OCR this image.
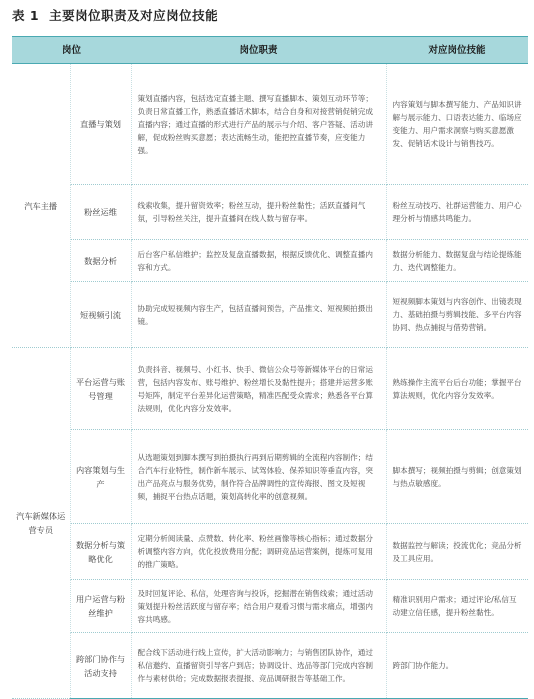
表 1 主要岗位职责及对应岗位技能
岗位		岗位职责	对应岗位技能
汽车主播	直播与策划	策划直播内容，包括选定直播主题、撰写直播脚本、策划互动环节等；负责日常直播工作，熟悉直播话术脚本，结合自身和对接营销促销完成直播内容；通过直播的形式进行产品的展示与介绍、客户答疑、活动讲解，促成粉丝购买意愿；表达流畅生动，能把控直播节奏，应变能力强。	内容策划与脚本撰写能力、产品知识讲解与展示能力、口语表达能力、临场应变能力、用户需求洞察与购买意愿激发、促销话术设计与销售技巧。
	粉丝运维	线索收集，提升留资效率；粉丝互动，提升粉丝黏性；活跃直播间气氛，引导粉丝关注，提升直播间在线人数与留存率。	粉丝互动技巧、社群运营能力、用户心理分析与情感共鸣能力。
	数据分析	后台客户私信维护；监控及复盘直播数据，根据反馈优化、调整直播内容和方式。	数据分析能力、数据复盘与结论提炼能力、迭代调整能力。
	短视频引流	协助完成短视频内容生产，包括直播间预告，产品推文、短视频拍摄出镜。	短视频脚本策划与内容创作、出镜表现力、基础拍摄与剪辑技能、多平台内容协同、热点捕捉与借势营销。
汽车新媒体运营专员	平台运营与账号管理	负责抖音、视频号、小红书、快手、微信公众号等新媒体平台的日常运营，包括内容发布、账号维护、粉丝增长及黏性提升；搭建并运营多账号矩阵，制定平台差异化运营策略，精准匹配受众需求；熟悉各平台算法规则，优化内容分发效率。	熟练操作主流平台后台功能；掌握平台算法规则，优化内容分发效率。
	内容策划与生产	从选题策划到脚本撰写到拍摄执行再到后期剪辑的全流程内容制作；结合汽车行业特性，制作新车展示、试驾体验、保养知识等垂直内容，突出产品亮点与服务优势，制作符合品牌调性的宣传海报、图文及短视频，捕捉平台热点话题，策划高转化率的创意视频。	脚本撰写；视频拍摄与剪辑；创意策划与热点敏感度。
	数据分析与策略优化	定期分析阅读量、点赞数、转化率、粉丝画像等核心指标；通过数据分析调整内容方向，优化投放费用分配；调研竞品运营案例，提炼可复用的推广策略。	数据监控与解读；投流优化；竞品分析及工具应用。
	用户运营与粉丝维护	及时回复评论、私信，处理咨询与投诉，挖掘潜在销售线索；通过活动策划提升粉丝活跃度与留存率；结合用户观看习惯与需求痛点，增强内容共鸣感。	精准识别用户需求；通过评论/私信互动建立信任感，提升粉丝黏性。
	跨部门协作与活动支持	配合线下活动进行线上宣传，扩大活动影响力；与销售团队协作，通过私信邀约、直播留资引导客户到店；协调设计、选品等部门完成内容制作与素材供给；完成数据报表提报、竞品调研报告等基础工作。	跨部门协作能力。
